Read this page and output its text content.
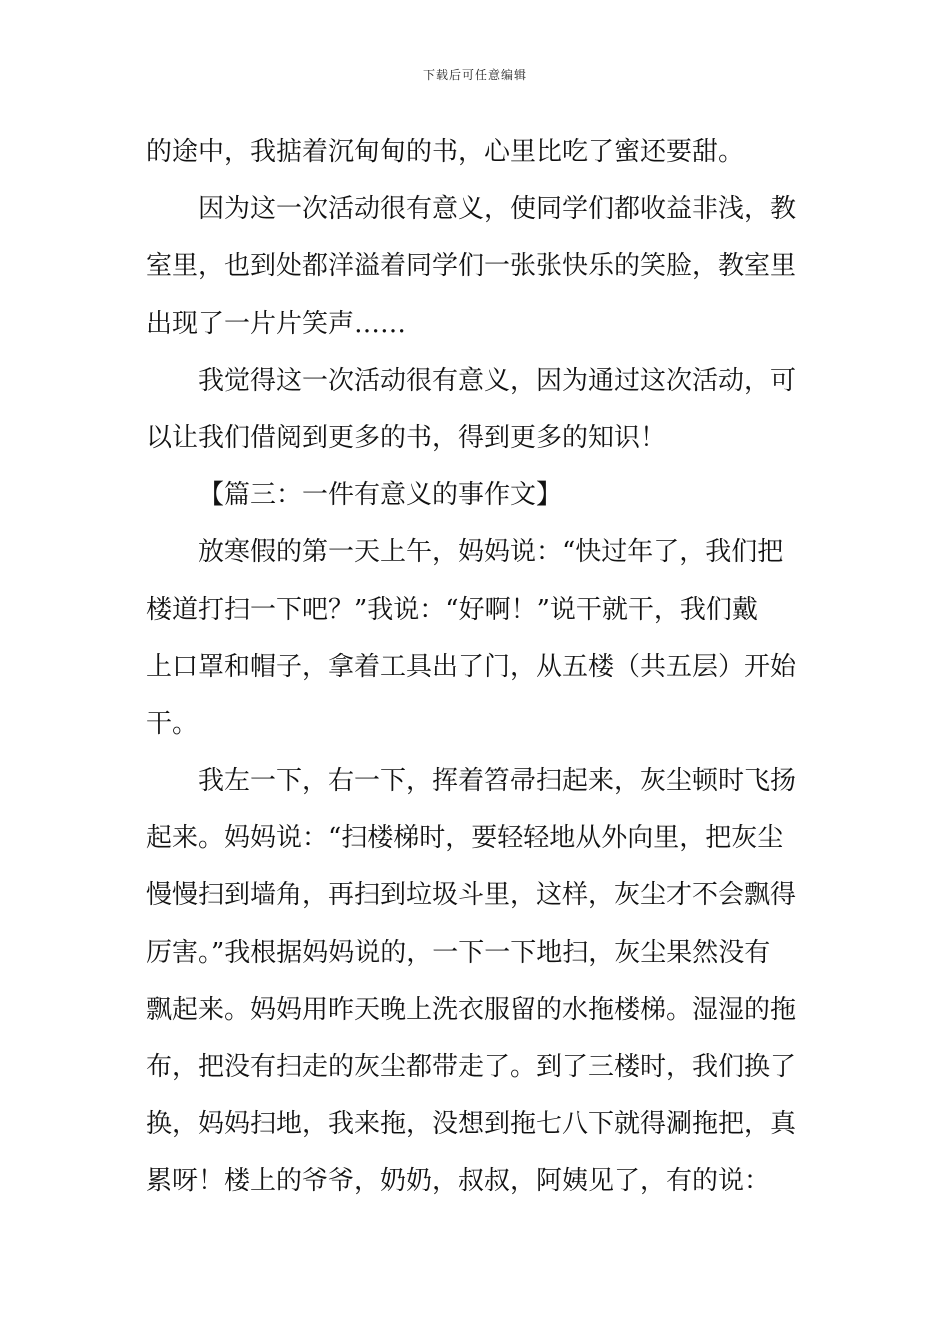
下载后可任意编辑
的途中，我掂着沉甸甸的书，心里比吃了蜜还要甜。
因为这一次活动很有意义，使同学们都收益非浅，教
室里，也到处都洋溢着同学们一张张快乐的笑脸，教室里
出现了一片片笑声……
我觉得这一次活动很有意义，因为通过这次活动，可
以让我们借阅到更多的书，得到更多的知识！
【篇三：一件有意义的事作文】
放寒假的第一天上午，妈妈说：“快过年了，我们把
楼道打扫一下吧？”我说：“好啊！”说干就干，我们戴
上口罩和帽子，拿着工具出了门，从五楼（共五层）开始
干。
我左一下，右一下，挥着笤帚扫起来，灰尘顿时飞扬
起来。妈妈说：“扫楼梯时，要轻轻地从外向里，把灰尘
慢慢扫到墙角，再扫到垃圾斗里，这样，灰尘才不会飘得
厉害。”我根据妈妈说的，一下一下地扫，灰尘果然没有
飘起来。妈妈用昨天晚上洗衣服留的水拖楼梯。湿湿的拖
布，把没有扫走的灰尘都带走了。到了三楼时，我们换了
换，妈妈扫地，我来拖，没想到拖七八下就得涮拖把，真
累呀！楼上的爷爷，奶奶，叔叔，阿姨见了，有的说：
